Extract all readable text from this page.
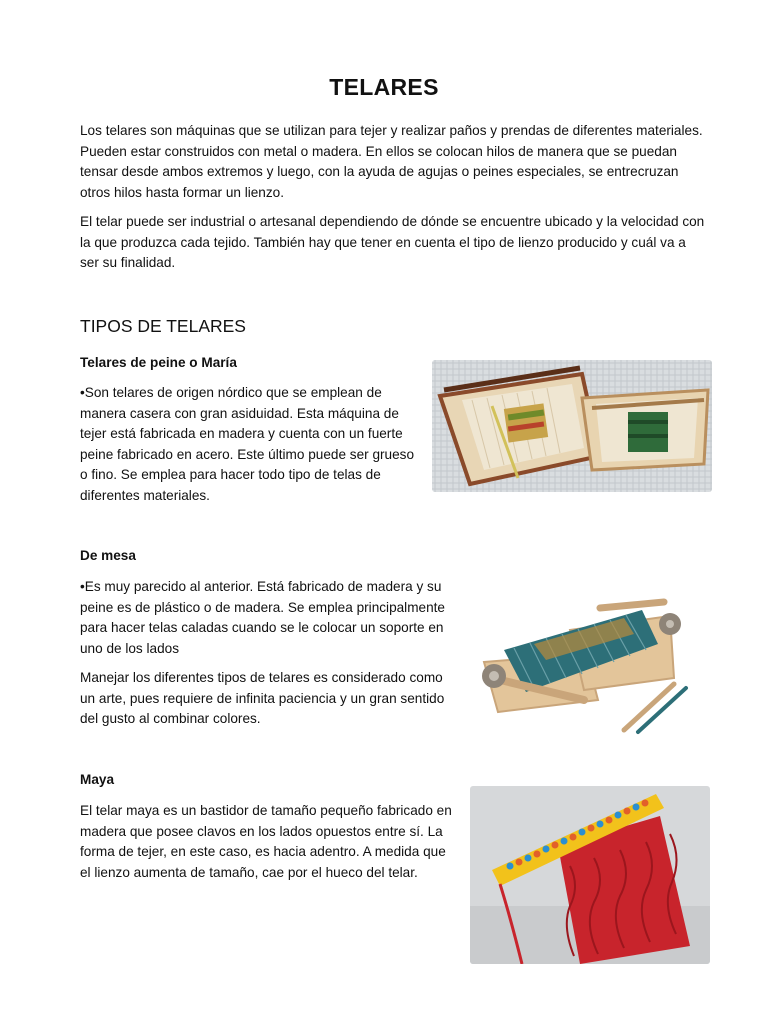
TELARES

Los telares son máquinas que se utilizan para tejer y realizar paños y prendas de diferentes materiales. Pueden estar construidos con metal o madera. En ellos se colocan hilos de manera que se puedan tensar desde ambos extremos y luego, con la ayuda de agujas o peines especiales, se entrecruzan otros hilos hasta formar un lienzo.

El telar puede ser industrial o artesanal dependiendo de dónde se encuentre ubicado y la velocidad con la que produzca cada tejido. También hay que tener en cuenta el tipo de lienzo producido y cuál va a ser su finalidad.

TIPOS DE TELARES
Telares de peine o María

•Son telares de origen nórdico que se emplean de manera casera con gran asiduidad. Esta máquina de tejer está fabricada en madera y cuenta con un fuerte peine fabricado en acero. Este último puede ser grueso o fino. Se emplea para hacer todo tipo de telas de diferentes materiales.

De mesa

•Es muy parecido al anterior. Está fabricado de madera y su peine es de plástico o de madera. Se emplea principalmente para hacer telas caladas cuando se le colocar un soporte en uno de los lados

Manejar los diferentes tipos de telares es considerado como un arte, pues requiere de infinita paciencia y un gran sentido del gusto al combinar colores.

Maya

El telar maya es un bastidor de tamaño pequeño fabricado en madera que posee clavos en los lados opuestos entre sí. La forma de tejer, en este caso, es hacia adentro. A medida que el lienzo aumenta de tamaño, cae por el hueco del telar.
